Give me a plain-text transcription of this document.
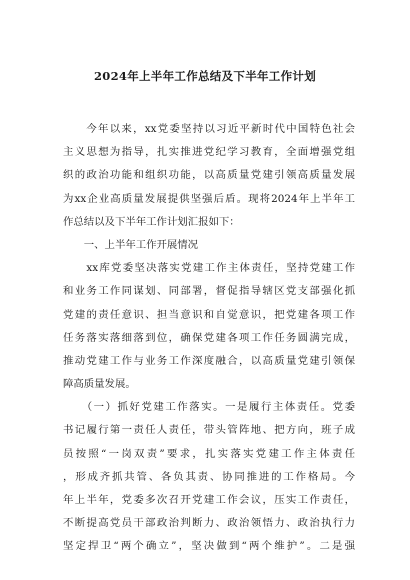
2024年上半年工作总结及下半年工作计划
　　今年以来，xx党委坚持以习近平新时代中国特色社会
主义思想为指导，扎实推进党纪学习教育，全面增强党组
织的政治功能和组织功能，以高质量党建引领高质量发展
为xx企业高质量发展提供坚强后盾。现将2024年上半年工
作总结以及下半年工作计划汇报如下：
　　一、上半年工作开展情况
　　xx库党委坚决落实党建工作主体责任，坚持党建工作
和业务工作同谋划、同部署，督促指导辖区党支部强化抓
党建的责任意识、担当意识和自觉意识，把党建各项工作
任务落实落细落到位，确保党建各项工作任务圆满完成，
推动党建工作与业务工作深度融合，以高质量党建引领保
障高质量发展。
　　（一）抓好党建工作落实。一是履行主体责任。党委
书记履行第一责任人责任，带头管阵地、把方向，班子成
员按照“一岗双责”要求，扎实落实党建工作主体责任
，形成齐抓共管、各负其责、协同推进的工作格局。今
年上半年，党委多次召开党建工作会议，压实工作责任，
不断提高党员干部政治判断力、政治领悟力、政治执行力
坚定捍卫“两个确立”，坚决做到“两个维护”。二是强
